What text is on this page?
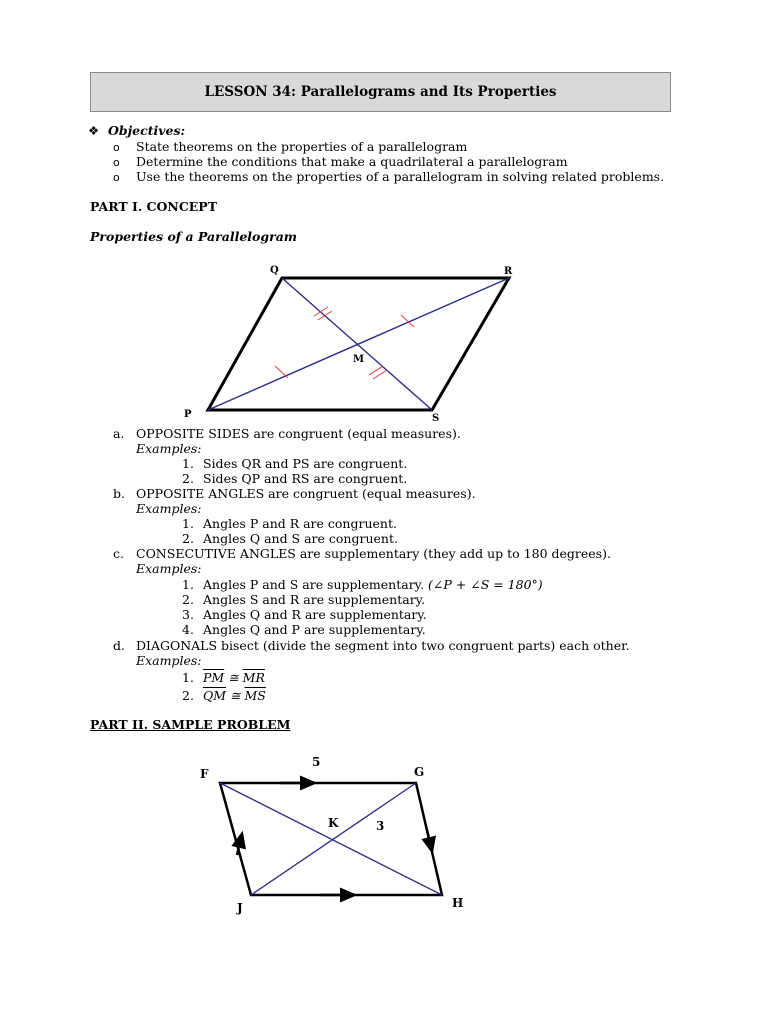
LESSON 34: Parallelograms and Its Properties
❖ Objectives:
o State theorems on the properties of a parallelogram
o Determine the conditions that make a quadrilateral a parallelogram
o Use the theorems on the properties of a parallelogram in solving related problems.
PART I. CONCEPT
Properties of a Parallelogram
Q	R
P	S
M
a. OPPOSITE SIDES are congruent (equal measures).
Examples:
1. Sides QR and PS are congruent.
2. Sides QP and RS are congruent.
b. OPPOSITE ANGLES are congruent (equal measures).
Examples:
1. Angles P and R are congruent.
2. Angles Q and S are congruent.
c. CONSECUTIVE ANGLES are supplementary (they add up to 180 degrees).
Examples:
1. Angles P and S are supplementary. (∠P + ∠S = 180°)
2. Angles S and R are supplementary.
3. Angles Q and R are supplementary.
4. Angles Q and P are supplementary.
d. DIAGONALS bisect (divide the segment into two congruent parts) each other.
Examples:
1. $\overline{PM}$ ≅ $\overline{MR}$
2. $\overline{QM}$ ≅ $\overline{MS}$
PART II. SAMPLE PROBLEM
F	G
H
J
K
5
3
